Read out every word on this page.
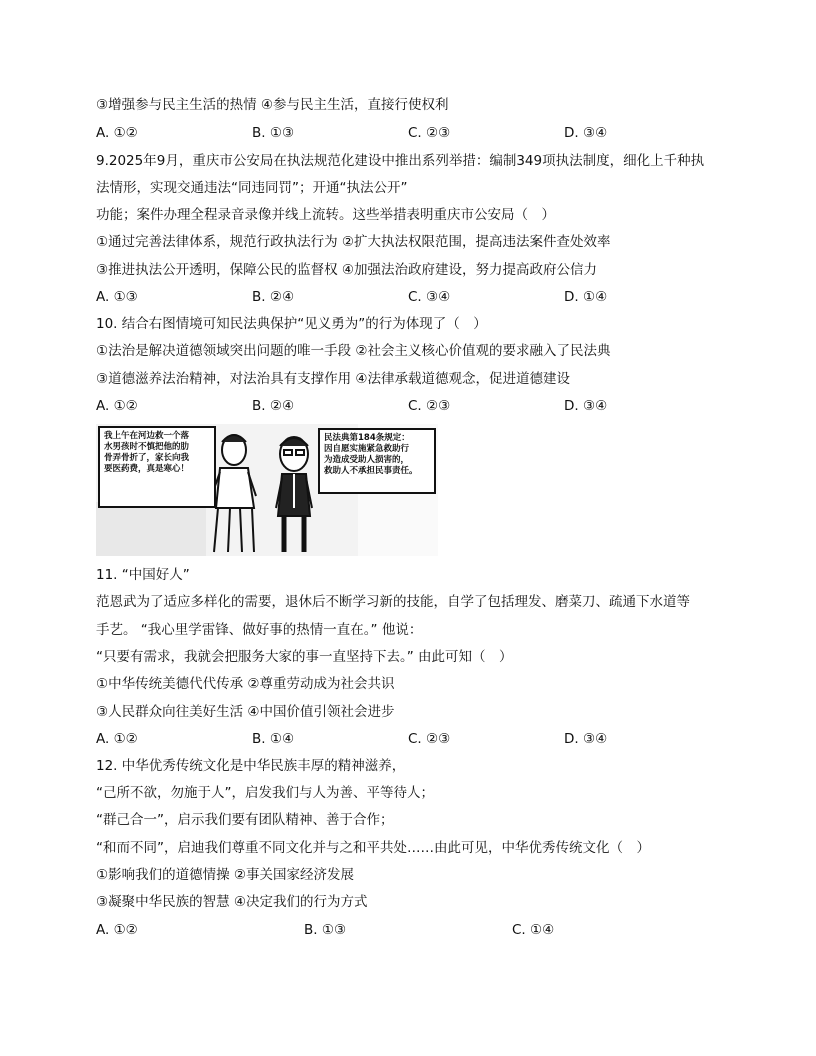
③增强参与民主生活的热情 ④参与民主生活，直接行使权利
A. ①②	B. ①③	C. ②③	D. ③④
9.2025年9月，重庆市公安局在执法规范化建设中推出系列举措：编制349项执法制度，细化上千种执
法情形，实现交通违法“同违同罚”；开通“执法公开”
功能；案件办理全程录音录像并线上流转。这些举措表明重庆市公安局（　）
①通过完善法律体系，规范行政执法行为 ②扩大执法权限范围，提高违法案件查处效率
③推进执法公开透明，保障公民的监督权 ④加强法治政府建设，努力提高政府公信力
A. ①③	B. ②④	C. ③④	D. ①④
10. 结合右图情境可知民法典保护“见义勇为”的行为体现了（　）
①法治是解决道德领域突出问题的唯一手段 ②社会主义核心价值观的要求融入了民法典
③道德滋养法治精神，对法治具有支撑作用 ④法律承载道德观念，促进道德建设
A. ①②	B. ②④	C. ②③	D. ③④
我上午在河边救一个落
水男孩时不慎把他的肋
骨弄骨折了，家长向我
要医药费，真是寒心！
民法典第184条规定：
因自愿实施紧急救助行
为造成受助人损害的，
救助人不承担民事责任。
11. “中国好人”
范恩武为了适应多样化的需要，退休后不断学习新的技能，自学了包括理发、磨菜刀、疏通下水道等
手艺。 “我心里学雷锋、做好事的热情一直在。” 他说：
“只要有需求，我就会把服务大家的事一直坚持下去。” 由此可知（　）
①中华传统美德代代传承 ②尊重劳动成为社会共识
③人民群众向往美好生活 ④中国价值引领社会进步
A. ①②	B. ①④	C. ②③	D. ③④
12. 中华优秀传统文化是中华民族丰厚的精神滋养，
“己所不欲，勿施于人”，启发我们与人为善、平等待人；
“群己合一”，启示我们要有团队精神、善于合作；
“和而不同”，启迪我们尊重不同文化并与之和平共处……由此可见，中华优秀传统文化（　）
①影响我们的道德情操 ②事关国家经济发展
③凝聚中华民族的智慧 ④决定我们的行为方式
A. ①②	B. ①③	C. ①④
